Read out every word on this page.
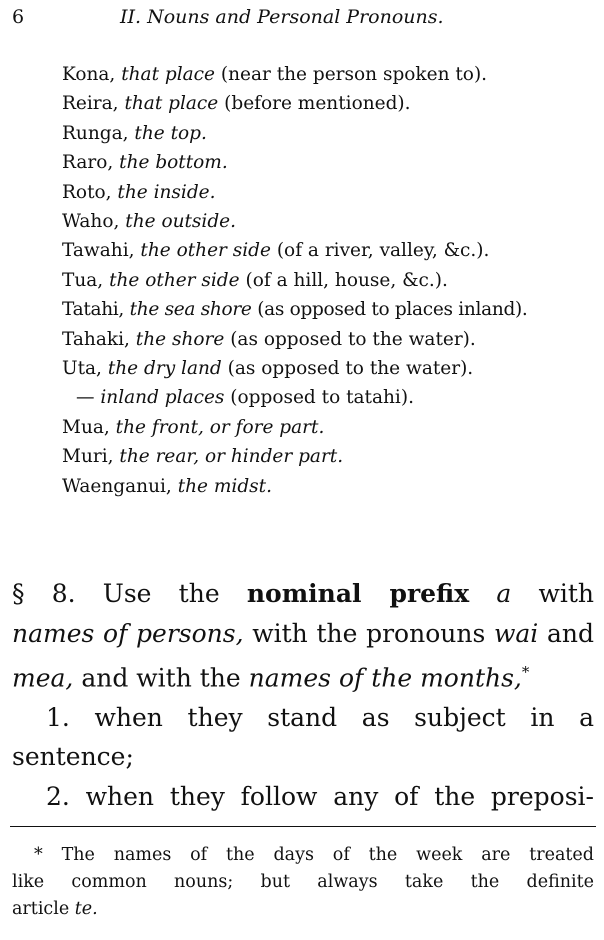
6	II. Nouns and Personal Pronouns.
Kona, that place (near the person spoken to).
Reira, that place (before mentioned).
Runga, the top.
Raro, the bottom.
Roto, the inside.
Waho, the outside.
Tawahi, the other side (of a river, valley, &c.).
Tua, the other side (of a hill, house, &c.).
Tatahi, the sea shore (as opposed to places inland).
Tahaki, the shore (as opposed to the water).
Uta, the dry land (as opposed to the water).
— inland places (opposed to tatahi).
Mua, the front, or fore part.
Muri, the rear, or hinder part.
Waenganui, the midst.
§ 8. Use the nominal prefix a with
names of persons, with the pronouns wai and
mea, and with the names of the months,*
1. when they stand as subject in a
sentence;
2. when they follow any of the preposi-
* The names of the days of the week are treated
like common nouns; but always take the definite
article te.
